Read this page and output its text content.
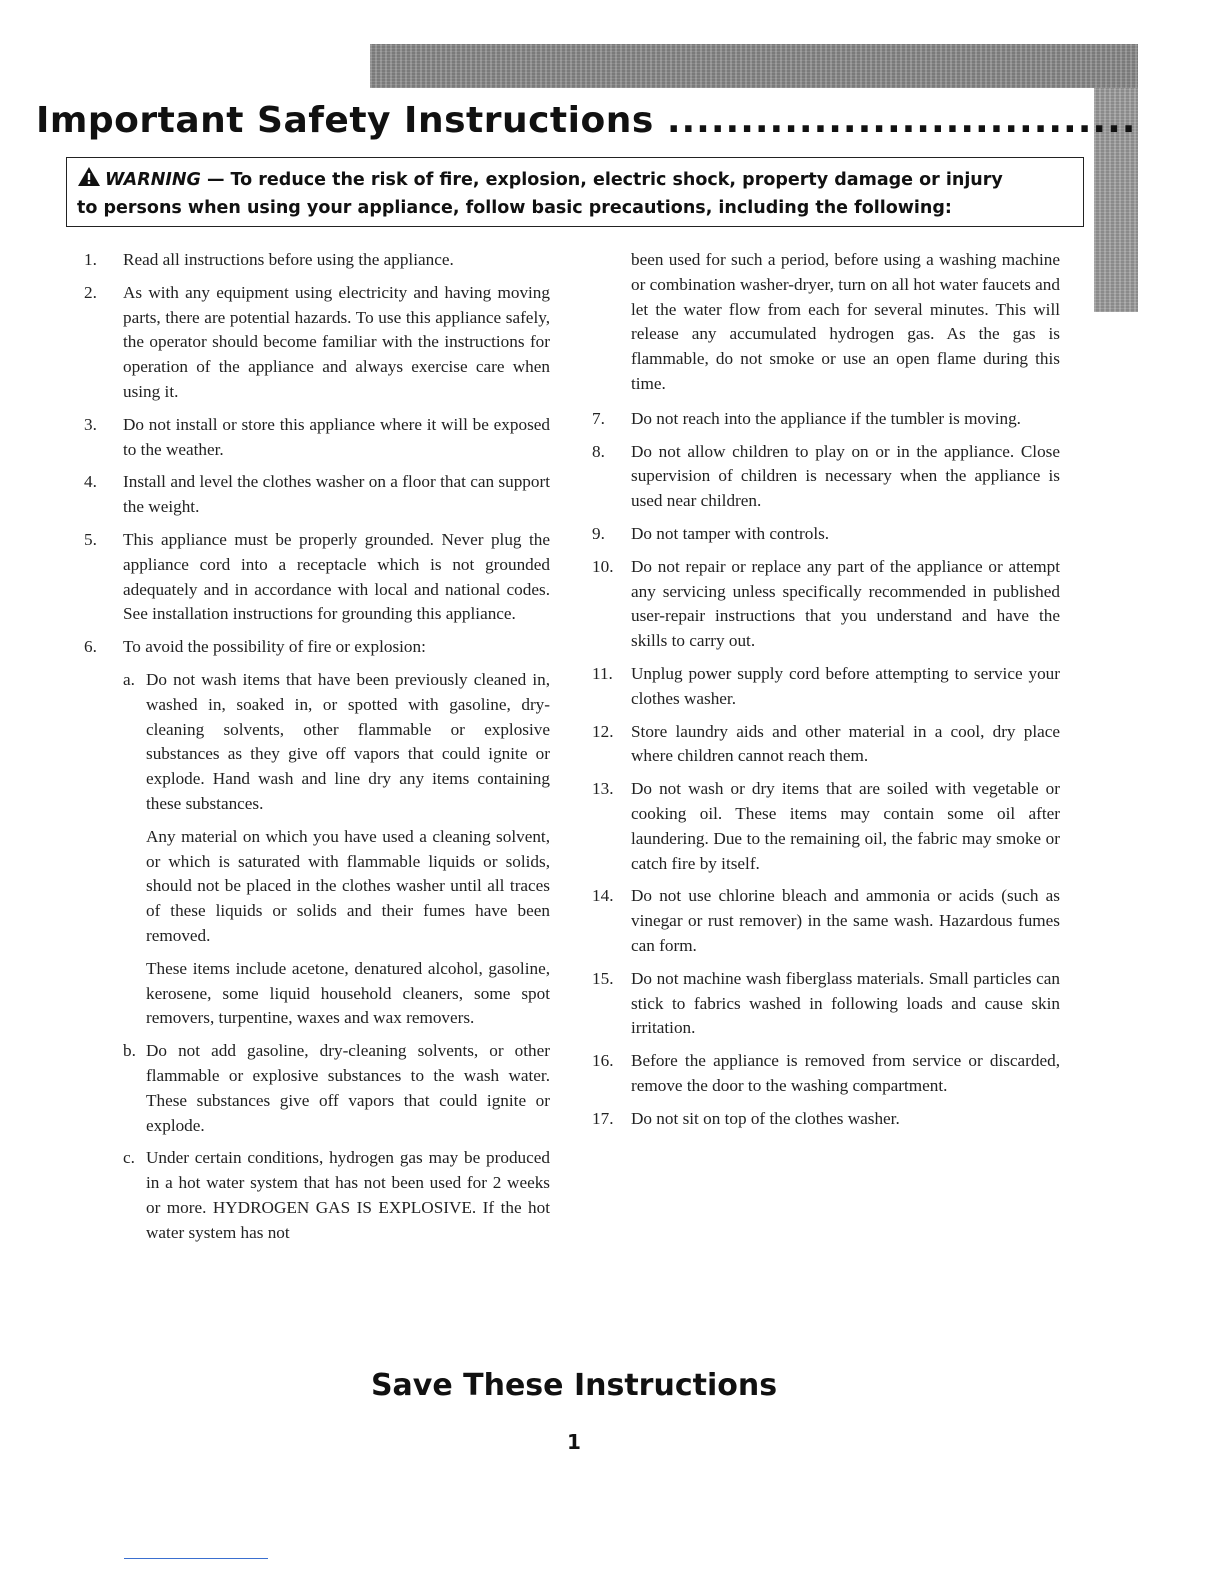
Important Safety Instructions ................................
WARNING — To reduce the risk of fire, explosion, electric shock, property damage or injury
to persons when using your appliance, follow basic precautions, including the following:
1. Read all instructions before using the appliance.
2. As with any equipment using electricity and having moving parts, there are potential hazards. To use this appliance safely, the operator should become familiar with the instructions for operation of the appliance and always exercise care when using it.
3. Do not install or store this appliance where it will be exposed to the weather.
4. Install and level the clothes washer on a floor that can support the weight.
5. This appliance must be properly grounded. Never plug the appliance cord into a receptacle which is not grounded adequately and in accordance with local and national codes. See installation instructions for grounding this appliance.
6. To avoid the possibility of fire or explosion:
a. Do not wash items that have been previously cleaned in, washed in, soaked in, or spotted with gasoline, dry-cleaning solvents, other flammable or explosive substances as they give off vapors that could ignite or explode. Hand wash and line dry any items containing these substances.
Any material on which you have used a cleaning solvent, or which is saturated with flammable liquids or solids, should not be placed in the clothes washer until all traces of these liquids or solids and their fumes have been removed.
These items include acetone, denatured alcohol, gasoline, kerosene, some liquid household cleaners, some spot removers, turpentine, waxes and wax removers.
b. Do not add gasoline, dry-cleaning solvents, or other flammable or explosive substances to the wash water. These substances give off vapors that could ignite or explode.
c. Under certain conditions, hydrogen gas may be produced in a hot water system that has not been used for 2 weeks or more. HYDROGEN GAS IS EXPLOSIVE. If the hot water system has not
been used for such a period, before using a washing machine or combination washer-dryer, turn on all hot water faucets and let the water flow from each for several minutes. This will release any accumulated hydrogen gas. As the gas is flammable, do not smoke or use an open flame during this time.
7. Do not reach into the appliance if the tumbler is moving.
8. Do not allow children to play on or in the appliance. Close supervision of children is necessary when the appliance is used near children.
9. Do not tamper with controls.
10. Do not repair or replace any part of the appliance or attempt any servicing unless specifically recommended in published user-repair instructions that you understand and have the skills to carry out.
11. Unplug power supply cord before attempting to service your clothes washer.
12. Store laundry aids and other material in a cool, dry place where children cannot reach them.
13. Do not wash or dry items that are soiled with vegetable or cooking oil. These items may contain some oil after laundering. Due to the remaining oil, the fabric may smoke or catch fire by itself.
14. Do not use chlorine bleach and ammonia or acids (such as vinegar or rust remover) in the same wash. Hazardous fumes can form.
15. Do not machine wash fiberglass materials. Small particles can stick to fabrics washed in following loads and cause skin irritation.
16. Before the appliance is removed from service or discarded, remove the door to the washing compartment.
17. Do not sit on top of the clothes washer.
Save These Instructions
1
